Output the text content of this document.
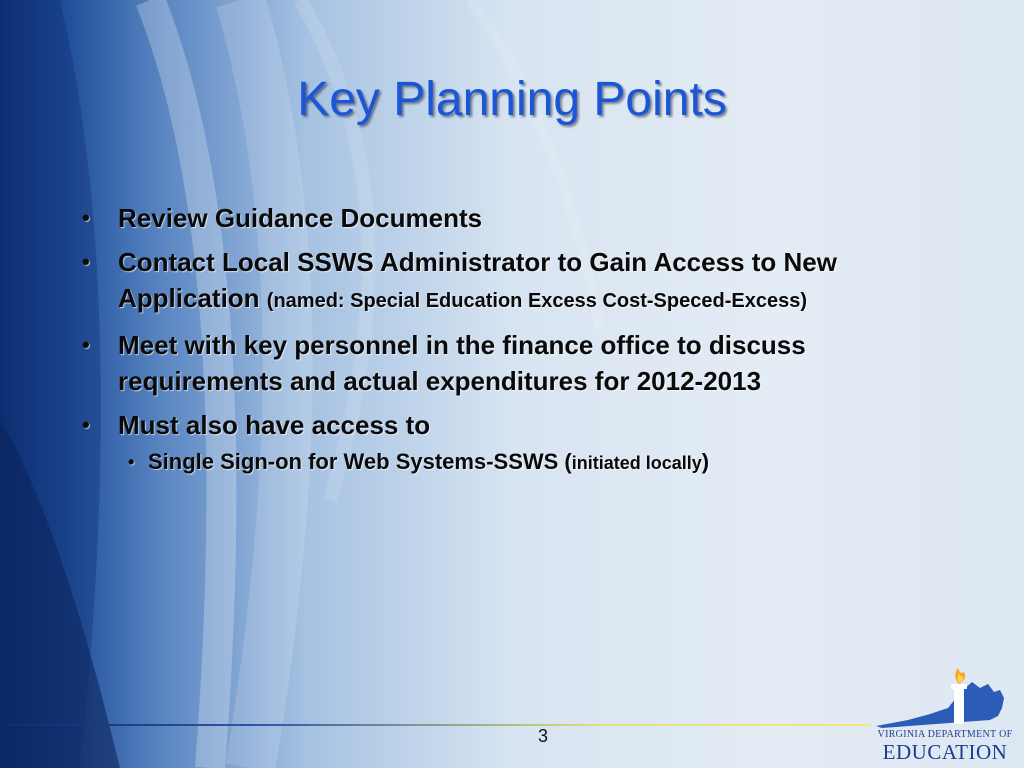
Key Planning Points
• Review Guidance Documents
• Contact Local SSWS Administrator to Gain Access to New Application (named: Special Education Excess Cost-Speced-Excess)
• Meet with key personnel in the finance office to discuss requirements and actual expenditures for 2012-2013
• Must also have access to
• Single Sign-on for Web Systems-SSWS (initiated locally)
3	VIRGINIA DEPARTMENT OF
EDUCATION
